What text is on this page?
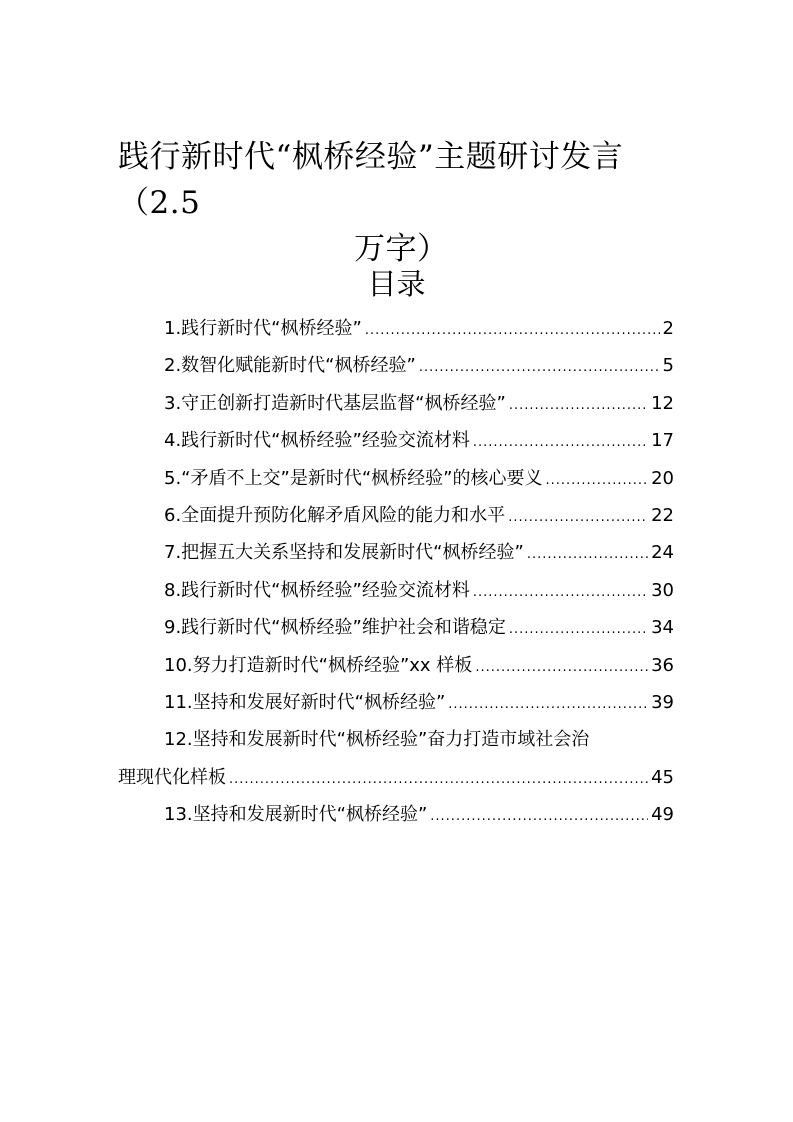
践行新时代“枫桥经验”主题研讨发言（2.5
万字）
目录
1.践行新时代“枫桥经验” .....	2
2.数智化赋能新时代“枫桥经验” .....	5
3.守正创新打造新时代基层监督“枫桥经验” .....	12
4.践行新时代“枫桥经验”经验交流材料 .....	17
5.“矛盾不上交”是新时代“枫桥经验”的核心要义 .....	20
6.全面提升预防化解矛盾风险的能力和水平 .....	22
7.把握五大关系坚持和发展新时代“枫桥经验” .....	24
8.践行新时代“枫桥经验”经验交流材料 .....	30
9.践行新时代“枫桥经验”维护社会和谐稳定 .....	34
10.努力打造新时代“枫桥经验”xx 样板 .....	36
11.坚持和发展好新时代“枫桥经验” .....	39
12.坚持和发展新时代“枫桥经验”奋力打造市域社会治
理现代化样板 .....	45
13.坚持和发展新时代“枫桥经验” .....	49
